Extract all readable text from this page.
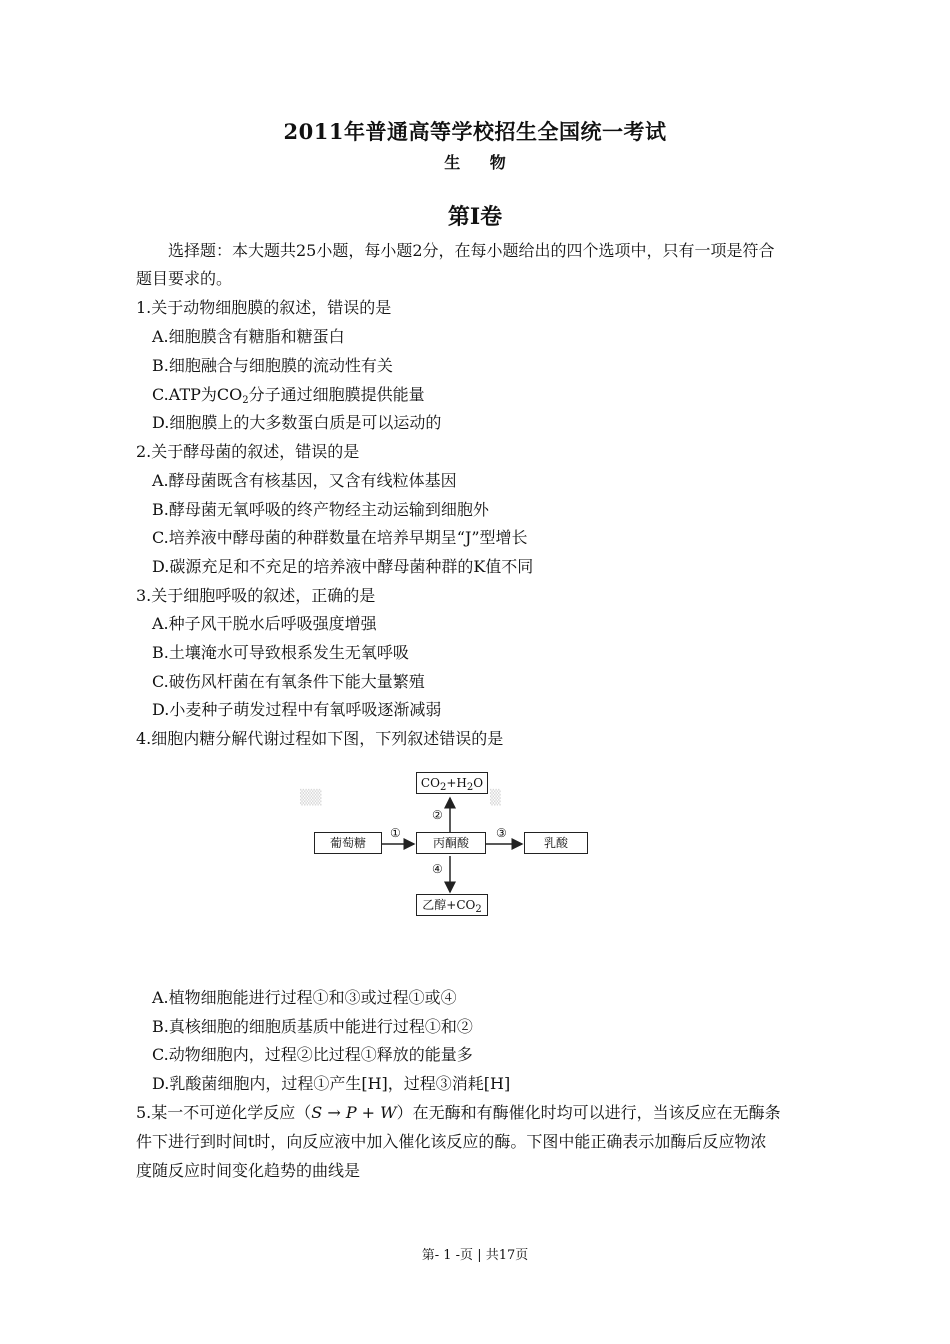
2011年普通高等学校招生全国统一考试
生 物
第I卷
选择题：本大题共25小题，每小题2分，在每小题给出的四个选项中，只有一项是符合
题目要求的。
1.关于动物细胞膜的叙述，错误的是
A.细胞膜含有糖脂和糖蛋白
B.细胞融合与细胞膜的流动性有关
C.ATP为$CO_2$分子通过细胞膜提供能量
D.细胞膜上的大多数蛋白质是可以运动的
2.关于酵母菌的叙述，错误的是
A.酵母菌既含有核基因，又含有线粒体基因
B.酵母菌无氧呼吸的终产物经主动运输到细胞外
C.培养液中酵母菌的种群数量在培养早期呈“J”型增长
D.碳源充足和不充足的培养液中酵母菌种群的K值不同
3.关于细胞呼吸的叙述，正确的是
A.种子风干脱水后呼吸强度增强
B.土壤淹水可导致根系发生无氧呼吸
C.破伤风杆菌在有氧条件下能大量繁殖
D.小麦种子萌发过程中有氧呼吸逐渐减弱
4.细胞内糖分解代谢过程如下图，下列叙述错误的是
▒▒	▒
$CO_2+H_2O$
葡萄糖	丙酮酸	乳酸
乙醇$+CO_2$
①
②
③
④
A.植物细胞能进行过程①和③或过程①或④
B.真核细胞的细胞质基质中能进行过程①和②
C.动物细胞内，过程②比过程①释放的能量多
D.乳酸菌细胞内，过程①产生[H]，过程③消耗[H]
5.某一不可逆化学反应（S → P + W）在无酶和有酶催化时均可以进行，当该反应在无酶条
件下进行到时间t时，向反应液中加入催化该反应的酶。下图中能正确表示加酶后反应物浓
度随反应时间变化趋势的曲线是
第- 1 -页 | 共17页
